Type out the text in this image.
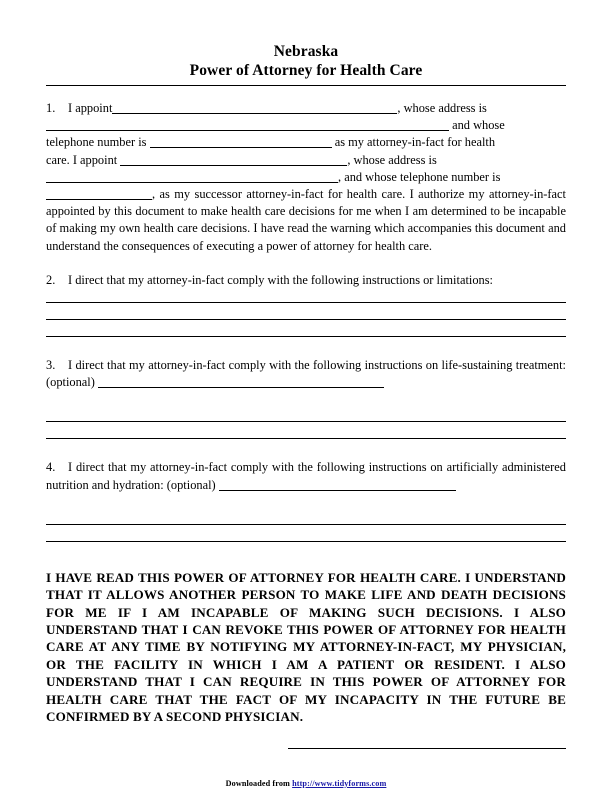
Nebraska
Power of Attorney for Health Care
1. I appoint	, whose address is
and whose
telephone number is	as my attorney-in-fact for health
care. I appoint	, whose address is
, and whose telephone number is
, as my successor attorney-in-fact for health care. I authorize my attorney-in-fact appointed by this document to make health care decisions for me when I am determined to be incapable of making my own health care decisions. I have read the warning which accompanies this document and understand the consequences of executing a power of attorney for health care.
2. I direct that my attorney-in-fact comply with the following instructions or limitations:
3. I direct that my attorney-in-fact comply with the following instructions on life-sustaining treatment: (optional)
4. I direct that my attorney-in-fact comply with the following instructions on artificially administered nutrition and hydration: (optional)
I HAVE READ THIS POWER OF ATTORNEY FOR HEALTH CARE. I UNDERSTAND THAT IT ALLOWS ANOTHER PERSON TO MAKE LIFE AND DEATH DECISIONS FOR ME IF I AM INCAPABLE OF MAKING SUCH DECISIONS. I ALSO UNDERSTAND THAT I CAN REVOKE THIS POWER OF ATTORNEY FOR HEALTH CARE AT ANY TIME BY NOTIFYING MY ATTORNEY-IN-FACT, MY PHYSICIAN, OR THE FACILITY IN WHICH I AM A PATIENT OR RESIDENT. I ALSO UNDERSTAND THAT I CAN REQUIRE IN THIS POWER OF ATTORNEY FOR HEALTH CARE THAT THE FACT OF MY INCAPACITY IN THE FUTURE BE CONFIRMED BY A SECOND PHYSICIAN.
Downloaded from http://www.tidyforms.com
